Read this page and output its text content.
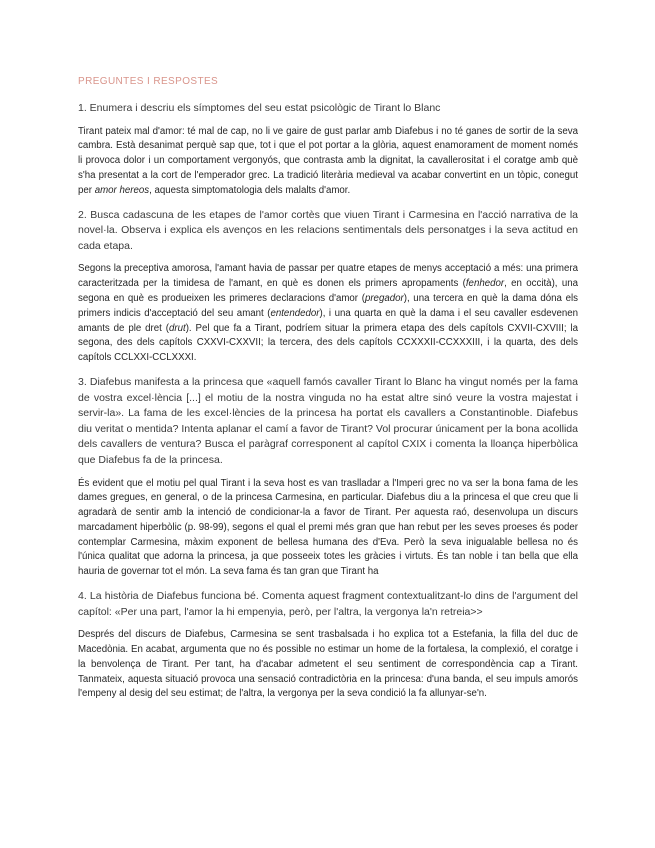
PREGUNTES I RESPOSTES
1. Enumera i descriu els símptomes del seu estat psicològic de Tirant lo Blanc
Tirant pateix mal d'amor: té mal de cap, no li ve gaire de gust parlar amb Diafebus i no té ganes de sortir de la seva cambra. Està desanimat perquè sap que, tot i que el pot portar a la glòria, aquest enamorament de moment només li provoca dolor i un comportament vergonyós, que contrasta amb la dignitat, la cavallerositat i el coratge amb què s'ha presentat a la cort de l'emperador grec. La tradició literària medieval va acabar convertint en un tòpic, conegut per amor hereos, aquesta simptomatologia dels malalts d'amor.
2. Busca cadascuna de les etapes de l'amor cortès que viuen Tirant i Carmesina en l'acció narrativa de la novel·la. Observa i explica els avenços en les relacions sentimentals dels personatges i la seva actitud en cada etapa.
Segons la preceptiva amorosa, l'amant havia de passar per quatre etapes de menys acceptació a més: una primera caracteritzada per la timidesa de l'amant, en què es donen els primers apropaments (fenhedor, en occità), una segona en què es produeixen les primeres declaracions d'amor (pregador), una tercera en què la dama dóna els primers indicis d'acceptació del seu amant (entendedor), i una quarta en què la dama i el seu cavaller esdevenen amants de ple dret (drut). Pel que fa a Tirant, podríem situar la primera etapa des dels capítols CXVII-CXVIII; la segona, des dels capítols CXXVI-CXXVII; la tercera, des dels capítols CCXXXII-CCXXXIII, i la quarta, des dels capítols CCLXXI-CCLXXXI.
3. Diafebus manifesta a la princesa que «aquell famós cavaller Tirant lo Blanc ha vingut només per la fama de vostra excel·lència [...] el motiu de la nostra vinguda no ha estat altre sinó veure la vostra majestat i servir-la». La fama de les excel·lències de la princesa ha portat els cavallers a Constantinoble. Diafebus diu veritat o mentida? Intenta aplanar el camí a favor de Tirant? Vol procurar únicament per la bona acollida dels cavallers de ventura? Busca el paràgraf corresponent al capítol CXIX i comenta la lloança hiperbòlica que Diafebus fa de la princesa.
És evident que el motiu pel qual Tirant i la seva host es van traslladar a l'Imperi grec no va ser la bona fama de les dames gregues, en general, o de la princesa Carmesina, en particular. Diafebus diu a la princesa el que creu que li agradarà de sentir amb la intenció de condicionar-la a favor de Tirant. Per aquesta raó, desenvolupa un discurs marcadament hiperbòlic (p. 98-99), segons el qual el premi més gran que han rebut per les seves proeses és poder contemplar Carmesina, màxim exponent de bellesa humana des d'Eva. Però la seva inigualable bellesa no és l'única qualitat que adorna la princesa, ja que posseeix totes les gràcies i virtuts. És tan noble i tan bella que ella hauria de governar tot el món. La seva fama és tan gran que Tirant ha
4. La història de Diafebus funciona bé. Comenta aquest fragment contextualitzant-lo dins de l'argument del capítol: «Per una part, l'amor la hi empenyia, però, per l'altra, la vergonya la'n retreia>>
Després del discurs de Diafebus, Carmesina se sent trasbalsada i ho explica tot a Estefania, la filla del duc de Macedònia. En acabat, argumenta que no és possible no estimar un home de la fortalesa, la complexió, el coratge i la benvolença de Tirant. Per tant, ha d'acabar admetent el seu sentiment de correspondència cap a Tirant. Tanmateix, aquesta situació provoca una sensació contradictòria en la princesa: d'una banda, el seu impuls amorós l'empeny al desig del seu estimat; de l'altra, la vergonya per la seva condició la fa allunyar-se'n.
